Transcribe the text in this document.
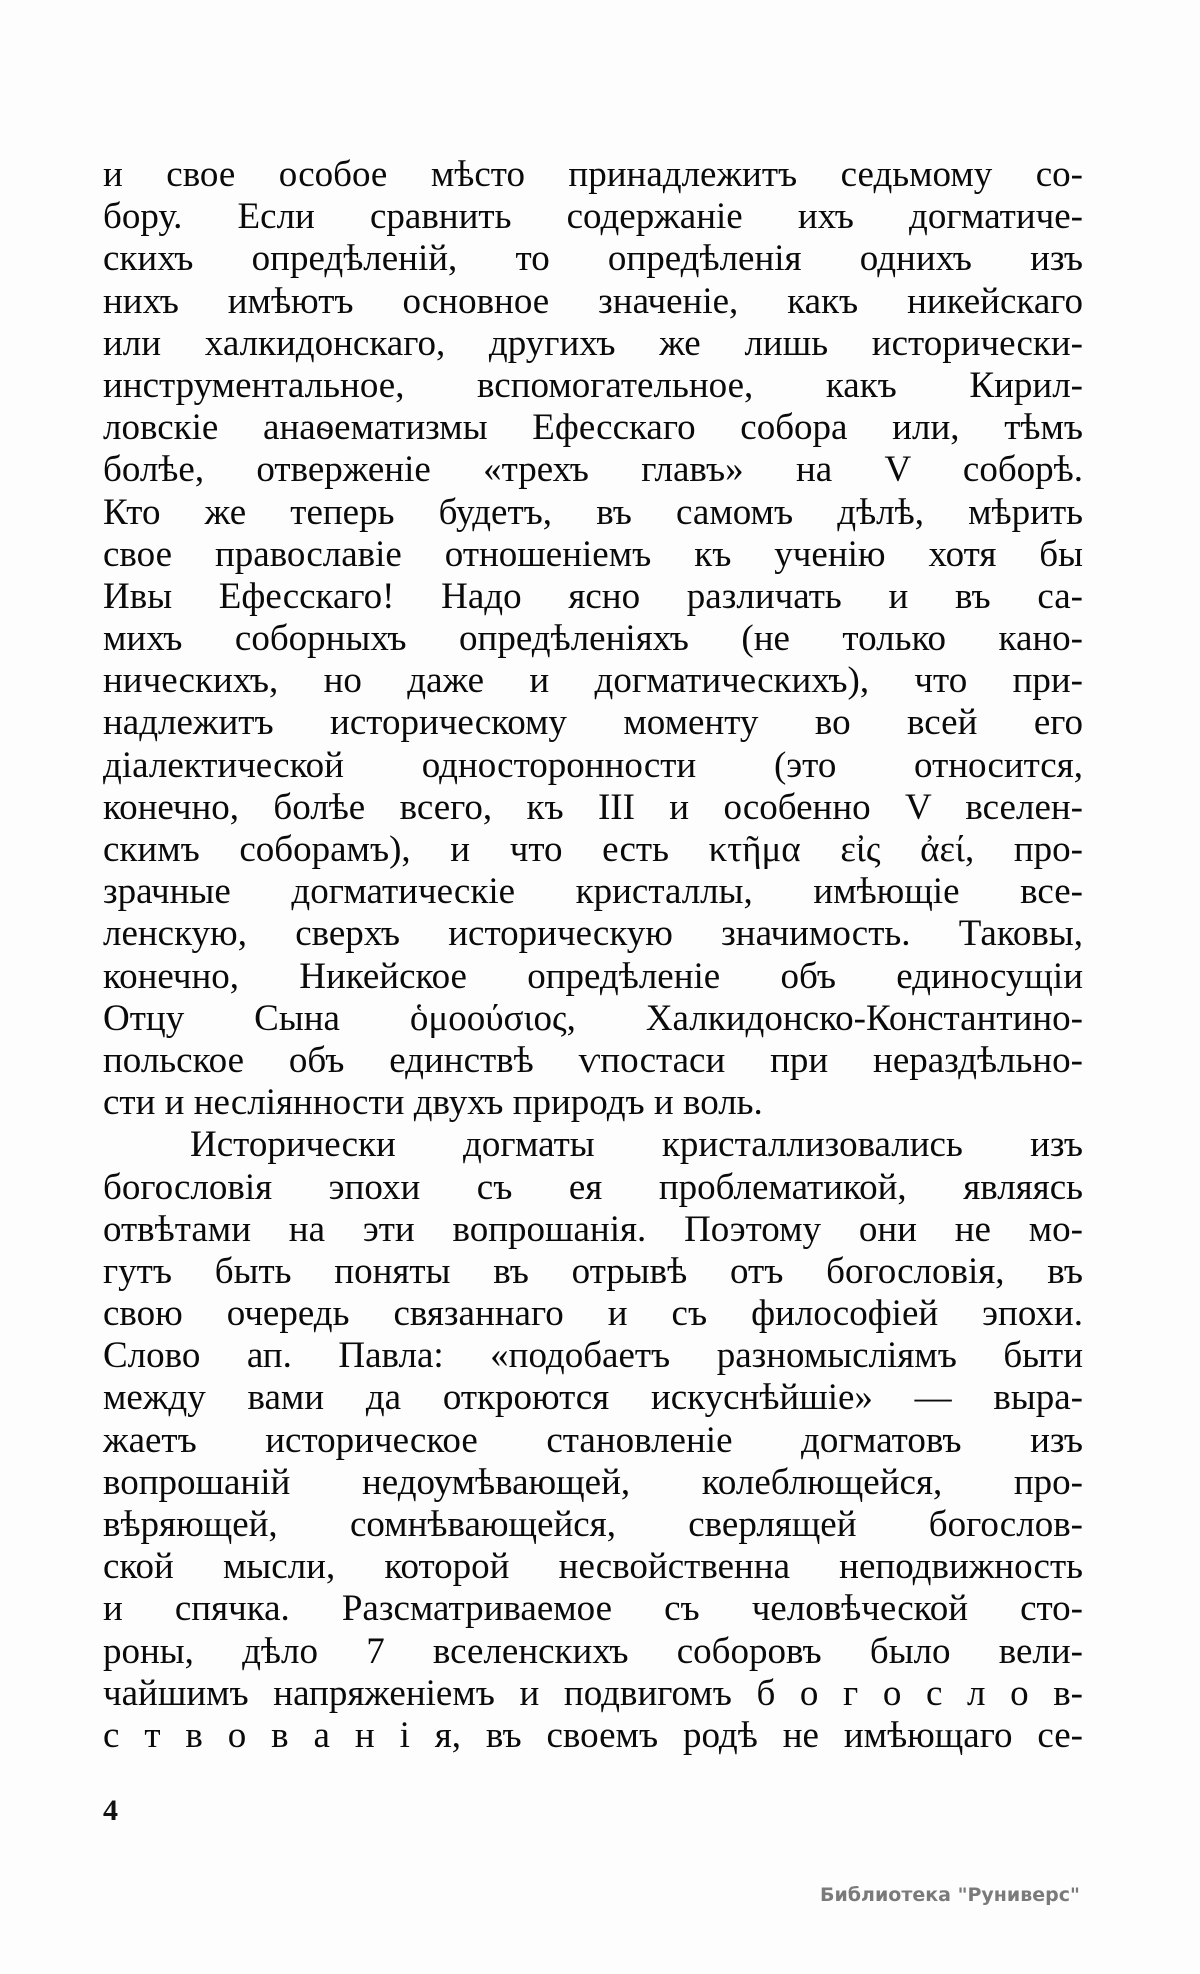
и свое особое мѣсто принадлежитъ седьмому со-
бору. Если сравнить содержаніе ихъ догматиче-
скихъ опредѣленій, то опредѣленія однихъ изъ
нихъ имѣютъ основное значеніе, какъ никейскаго
или халкидонскаго, другихъ же лишь исторически-
инструментальное, вспомогательное, какъ Кирил-
ловскіе анаѳематизмы Ефесскаго собора или, тѣмъ
болѣе, отверженіе «трехъ главъ» на V соборѣ.
Кто же теперь будетъ, въ самомъ дѣлѣ, мѣрить
свое православіе отношеніемъ къ ученію хотя бы
Ивы Ефесскаго! Надо ясно различать и въ са-
михъ соборныхъ опредѣленіяхъ (не только кано-
ническихъ, но даже и догматическихъ), что при-
надлежитъ историческому моменту во всей его
діалектической односторонности (это относится,
конечно, болѣе всего, къ III и особенно V вселен-
скимъ соборамъ), и что есть κτῆμα εἰς ἀεί, про-
зрачные догматическіе кристаллы, имѣющіе все-
ленскую, сверхъ историческую значимость. Таковы,
конечно, Никейское опредѣленіе объ единосущіи
Отцу Сына ὁμοούσιος, Халкидонско-Константино-
польское объ единствѣ ѵпостаси при нераздѣльно-
сти и неслiянности двухъ природъ и воль.
Исторически догматы кристаллизовались изъ
богословія эпохи съ ея проблематикой, являясь
отвѣтами на эти вопрошанія. Поэтому они не мо-
гутъ быть поняты въ отрывѣ отъ богословія, въ
свою очередь связаннаго и съ философіей эпохи.
Слово ап. Павла: «подобаетъ разномысліямъ быти
между вами да откроются искуснѣйшіе» — выра-
жаетъ историческое становленіе догматовъ изъ
вопрошаній недоумѣвающей, колеблющейся, про-
вѣряющей, сомнѣвающейся, сверлящей богослов-
ской мысли, которой несвойственна неподвижность
и спячка. Разсматриваемое съ человѣческой сто-
роны, дѣло 7 вселенскихъ соборовъ было вели-
чайшимъ напряженіемъ и подвигомъ б о г о с л о в-
с т в о в а н і я, въ своемъ родѣ не имѣющаго се-
4
Библиотека "Руниверс"
